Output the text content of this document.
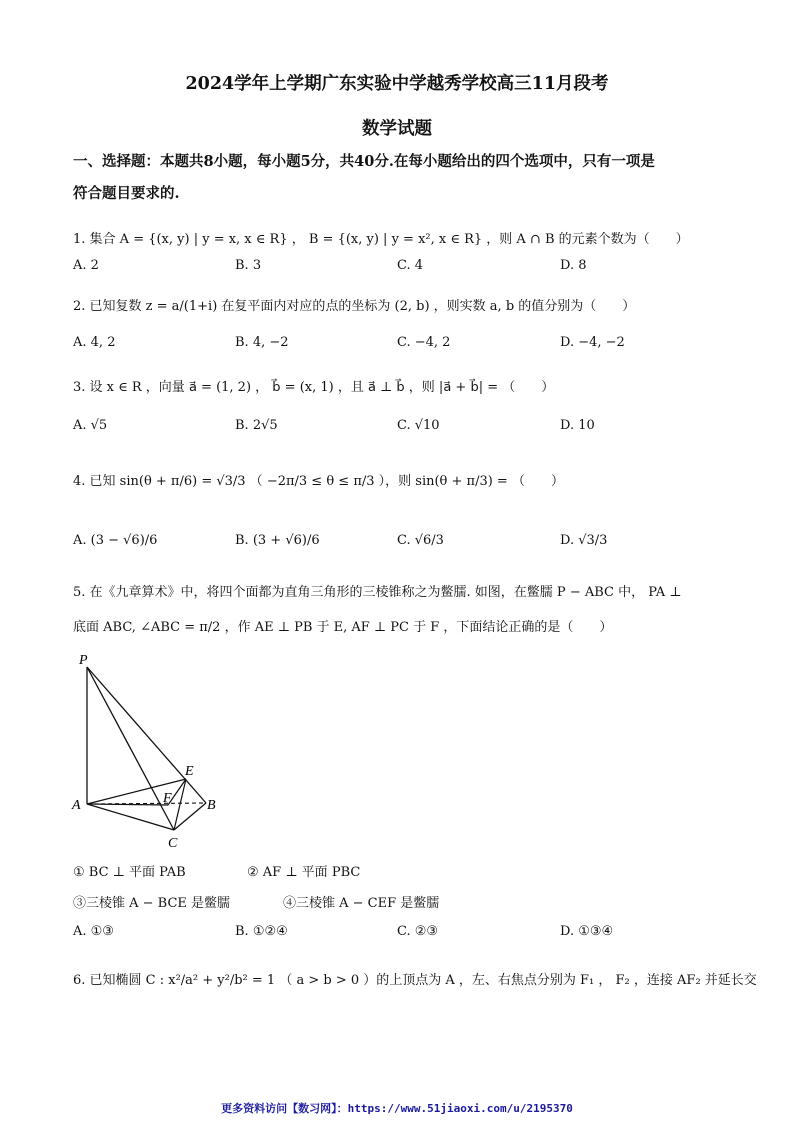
2024学年上学期广东实验中学越秀学校高三11月段考
数学试题
一、选择题：本题共8小题，每小题5分，共40分.在每小题给出的四个选项中，只有一项是
符合题目要求的.
1. 集合 A = {(x, y) | y = x, x ∈ R} ， B = {(x, y) | y = x², x ∈ R} ，则 A ∩ B 的元素个数为（　　）
A. 2	B. 3	C. 4	D. 8
2. 已知复数 z = a/(1+i) 在复平面内对应的点的坐标为 (2, b) ，则实数 a, b 的值分别为（　　）
A. 4, 2	B. 4, −2	C. −4, 2	D. −4, −2
3. 设 x ∈ R ，向量 a⃗ = (1, 2) ， b⃗ = (x, 1) ，且 a⃗ ⊥ b⃗ ，则 |a⃗ + b⃗| = （　　）
A. √5	B. 2√5	C. √10	D. 10
4. 已知 sin(θ + π/6) = √3/3 （ −2π/3 ≤ θ ≤ π/3 ），则 sin(θ + π/3) = （　　）
A. (3 − √6)/6	B. (3 + √6)/6	C. √6/3	D. √3/3
5. 在《九章算术》中，将四个面都为直角三角形的三棱锥称之为鳖臑. 如图，在鳖臑 P − ABC 中， PA ⊥
底面 ABC, ∠ABC = π/2 ，作 AE ⊥ PB 于 E, AF ⊥ PC 于 F ，下面结论正确的是（　　）
P
E
F
A	B
C
① BC ⊥ 平面 PAB	② AF ⊥ 平面 PBC
③三棱锥 A − BCE 是鳖臑	④三棱锥 A − CEF 是鳖臑
A. ①③	B. ①②④	C. ②③	D. ①③④
6. 已知椭圆 C : x²/a² + y²/b² = 1 （ a > b > 0 ）的上顶点为 A ，左、右焦点分别为 F₁ ， F₂ ，连接 AF₂ 并延长交
更多资料访问【数习网】：https://www.51jiaoxi.com/u/2195370
